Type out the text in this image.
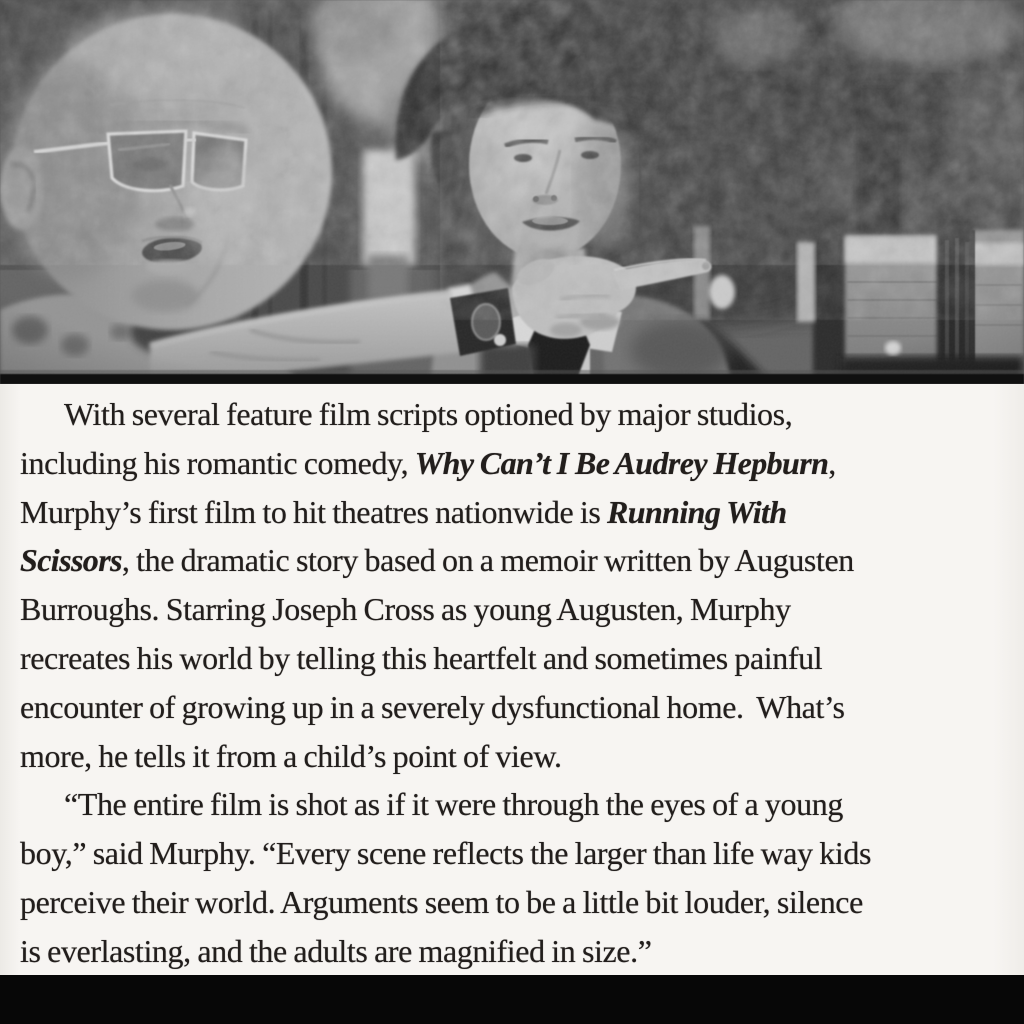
With several feature film scripts optioned by major studios,
including his romantic comedy, Why Can’t I Be Audrey Hepburn,
Murphy’s first film to hit theatres nationwide is Running With
Scissors, the dramatic story based on a memoir written by Augusten
Burroughs. Starring Joseph Cross as young Augusten, Murphy
recreates his world by telling this heartfelt and sometimes painful
encounter of growing up in a severely dysfunctional home.  What’s
more, he tells it from a child’s point of view.
“The entire film is shot as if it were through the eyes of a young
boy,” said Murphy. “Every scene reflects the larger than life way kids
perceive their world. Arguments seem to be a little bit louder, silence
is everlasting, and the adults are magnified in size.”
